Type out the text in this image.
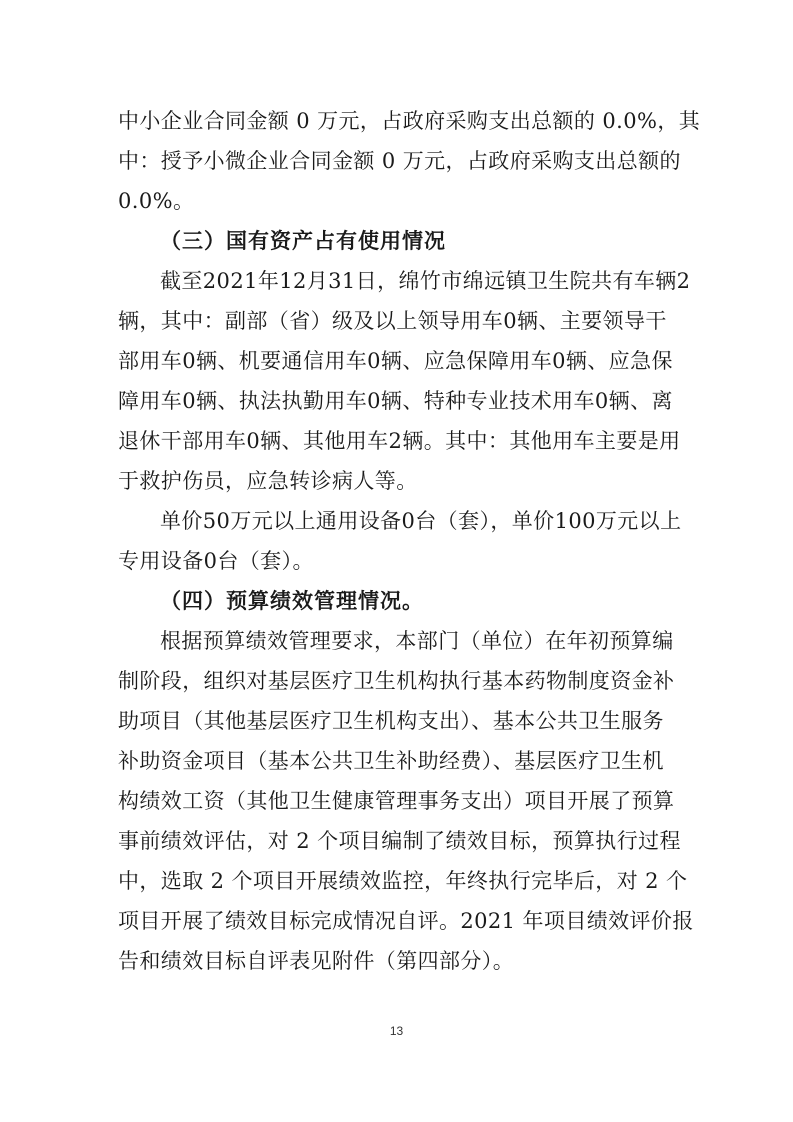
中小企业合同金额 0 万元，占政府采购支出总额的 0.0%，其
中：授予小微企业合同金额 0 万元，占政府采购支出总额的
0.0%。
（三）国有资产占有使用情况
截至2021年12月31日，绵竹市绵远镇卫生院共有车辆2
辆，其中：副部（省）级及以上领导用车0辆、主要领导干
部用车0辆、机要通信用车0辆、应急保障用车0辆、应急保
障用车0辆、执法执勤用车0辆、特种专业技术用车0辆、离
退休干部用车0辆、其他用车2辆。其中：其他用车主要是用
于救护伤员，应急转诊病人等。
单价50万元以上通用设备0台（套），单价100万元以上
专用设备0台（套）。
（四）预算绩效管理情况。
根据预算绩效管理要求，本部门（单位）在年初预算编
制阶段，组织对基层医疗卫生机构执行基本药物制度资金补
助项目（其他基层医疗卫生机构支出）、基本公共卫生服务
补助资金项目（基本公共卫生补助经费）、基层医疗卫生机
构绩效工资（其他卫生健康管理事务支出）项目开展了预算
事前绩效评估，对 2 个项目编制了绩效目标，预算执行过程
中，选取 2 个项目开展绩效监控，年终执行完毕后，对 2 个
项目开展了绩效目标完成情况自评。2021 年项目绩效评价报
告和绩效目标自评表见附件（第四部分）。
13
